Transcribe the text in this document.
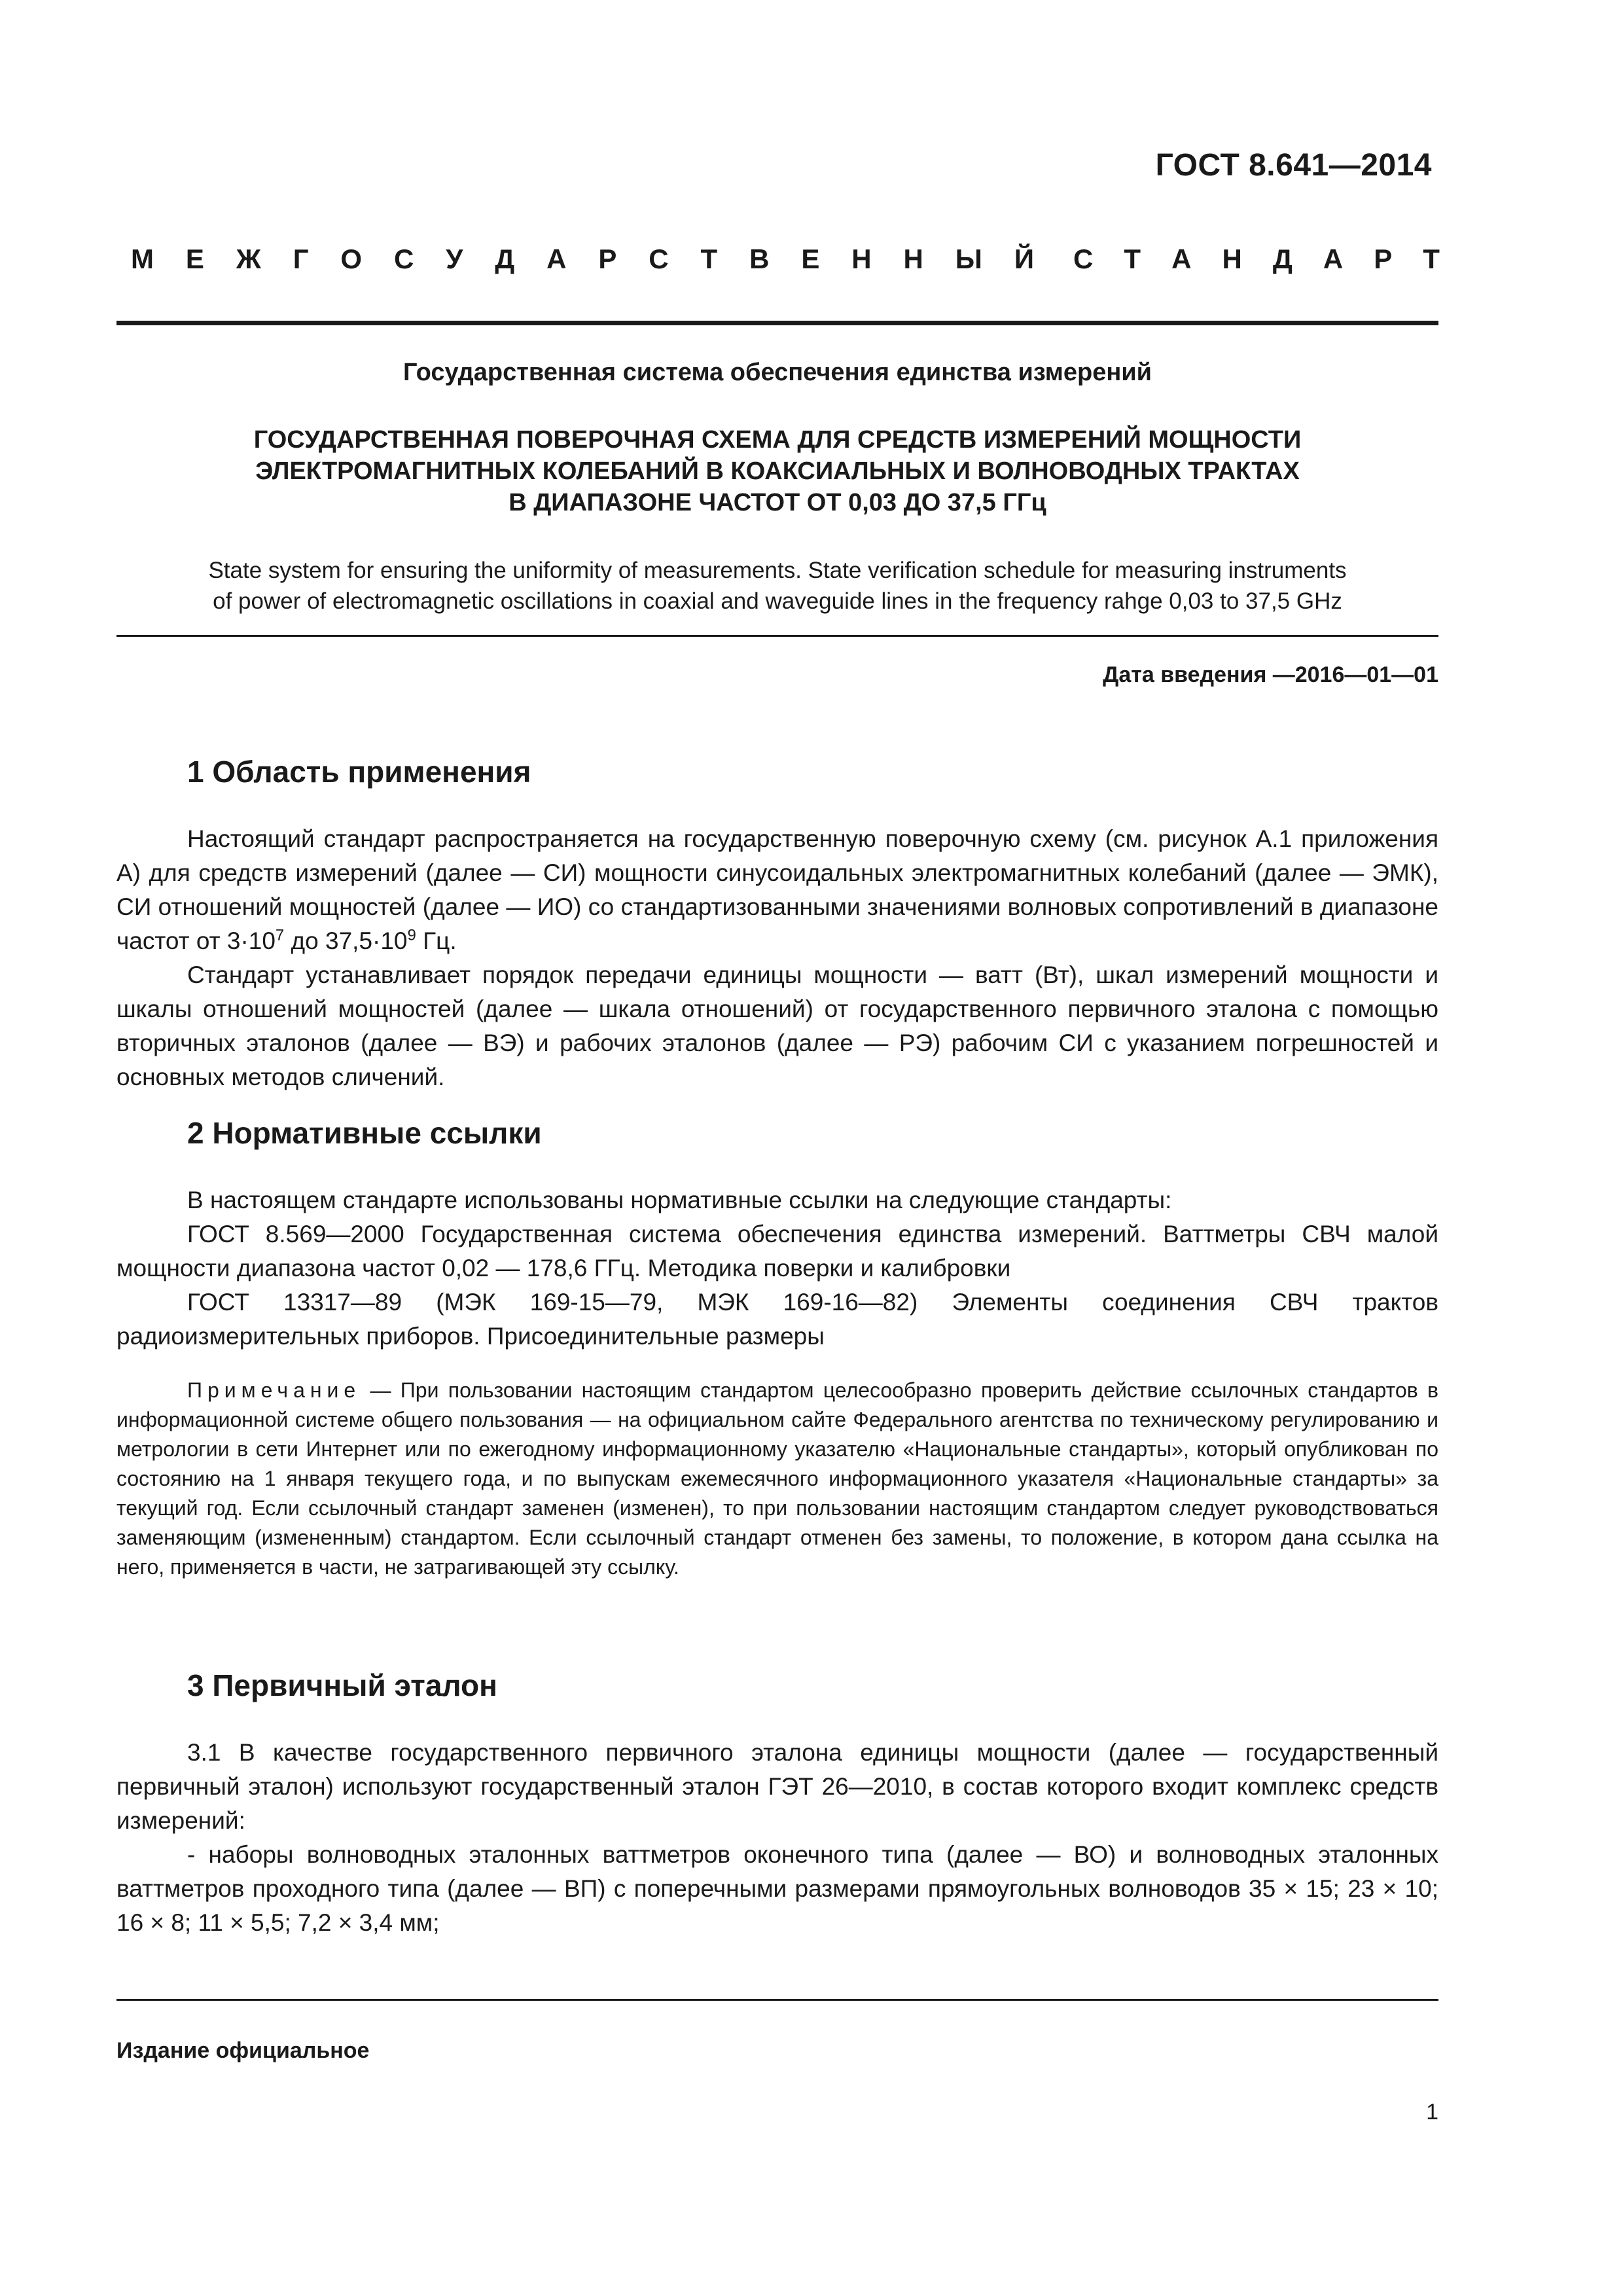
ГОСТ 8.641—2014
М Е Ж Г О С У Д А Р С Т В Е Н Н Ы Й С Т А Н Д А Р Т
Государственная система обеспечения единства измерений
ГОСУДАРСТВЕННАЯ ПОВЕРОЧНАЯ СХЕМА ДЛЯ СРЕДСТВ ИЗМЕРЕНИЙ МОЩНОСТИ
ЭЛЕКТРОМАГНИТНЫХ КОЛЕБАНИЙ В КОАКСИАЛЬНЫХ И ВОЛНОВОДНЫХ ТРАКТАХ
В ДИАПАЗОНЕ ЧАСТОТ ОТ 0,03 ДО 37,5 ГГц
State system for ensuring the uniformity of measurements. State verification schedule for measuring instruments
of power of electromagnetic oscillations in coaxial and waveguide lines in the frequency rahge 0,03 to 37,5 GHz
Дата введения —2016—01—01
1 Область применения

Настоящий стандарт распространяется на государственную поверочную схему (см. рисунок А.1 приложения А) для средств измерений (далее — СИ) мощности синусоидальных электромагнитных колебаний (далее — ЭМК), СИ отношений мощностей (далее — ИО) со стандартизованными значениями волновых сопротивлений в диапазоне частот от $3\cdot 10^7$ до $37,5\cdot 10^9$ Гц.

Стандарт устанавливает порядок передачи единицы мощности — ватт (Вт), шкал измерений мощности и шкалы отношений мощностей (далее — шкала отношений) от государственного первичного эталона с помощью вторичных эталонов (далее — ВЭ) и рабочих эталонов (далее — РЭ) рабочим СИ с указанием погрешностей и основных методов сличений.

2 Нормативные ссылки

В настоящем стандарте использованы нормативные ссылки на следующие стандарты:

ГОСТ 8.569—2000 Государственная система обеспечения единства измерений. Ваттметры СВЧ малой мощности диапазона частот 0,02 — 178,6 ГГц. Методика поверки и калибровки

ГОСТ 13317—89 (МЭК 169-15—79, МЭК 169-16—82) Элементы соединения СВЧ трактов радиоизмерительных приборов. Присоединительные размеры

Примечание — При пользовании настоящим стандартом целесообразно проверить действие ссылочных стандартов в информационной системе общего пользования — на официальном сайте Федерального агентства по техническому регулированию и метрологии в сети Интернет или по ежегодному информационному указателю «Национальные стандарты», который опубликован по состоянию на 1 января текущего года, и по выпускам ежемесячного информационного указателя «Национальные стандарты» за текущий год. Если ссылочный стандарт заменен (изменен), то при пользовании настоящим стандартом следует руководствоваться заменяющим (измененным) стандартом. Если ссылочный стандарт отменен без замены, то положение, в котором дана ссылка на него, применяется в части, не затрагивающей эту ссылку.

3 Первичный эталон

3.1 В качестве государственного первичного эталона единицы мощности (далее — государственный первичный эталон) используют государственный эталон ГЭТ 26—2010, в состав которого входит комплекс средств измерений:

- наборы волноводных эталонных ваттметров оконечного типа (далее — ВО) и волноводных эталонных ваттметров проходного типа (далее — ВП) с поперечными размерами прямоугольных волноводов 35 × 15; 23 × 10; 16 × 8; 11 × 5,5; 7,2 × 3,4 мм;

Издание официальное
1
